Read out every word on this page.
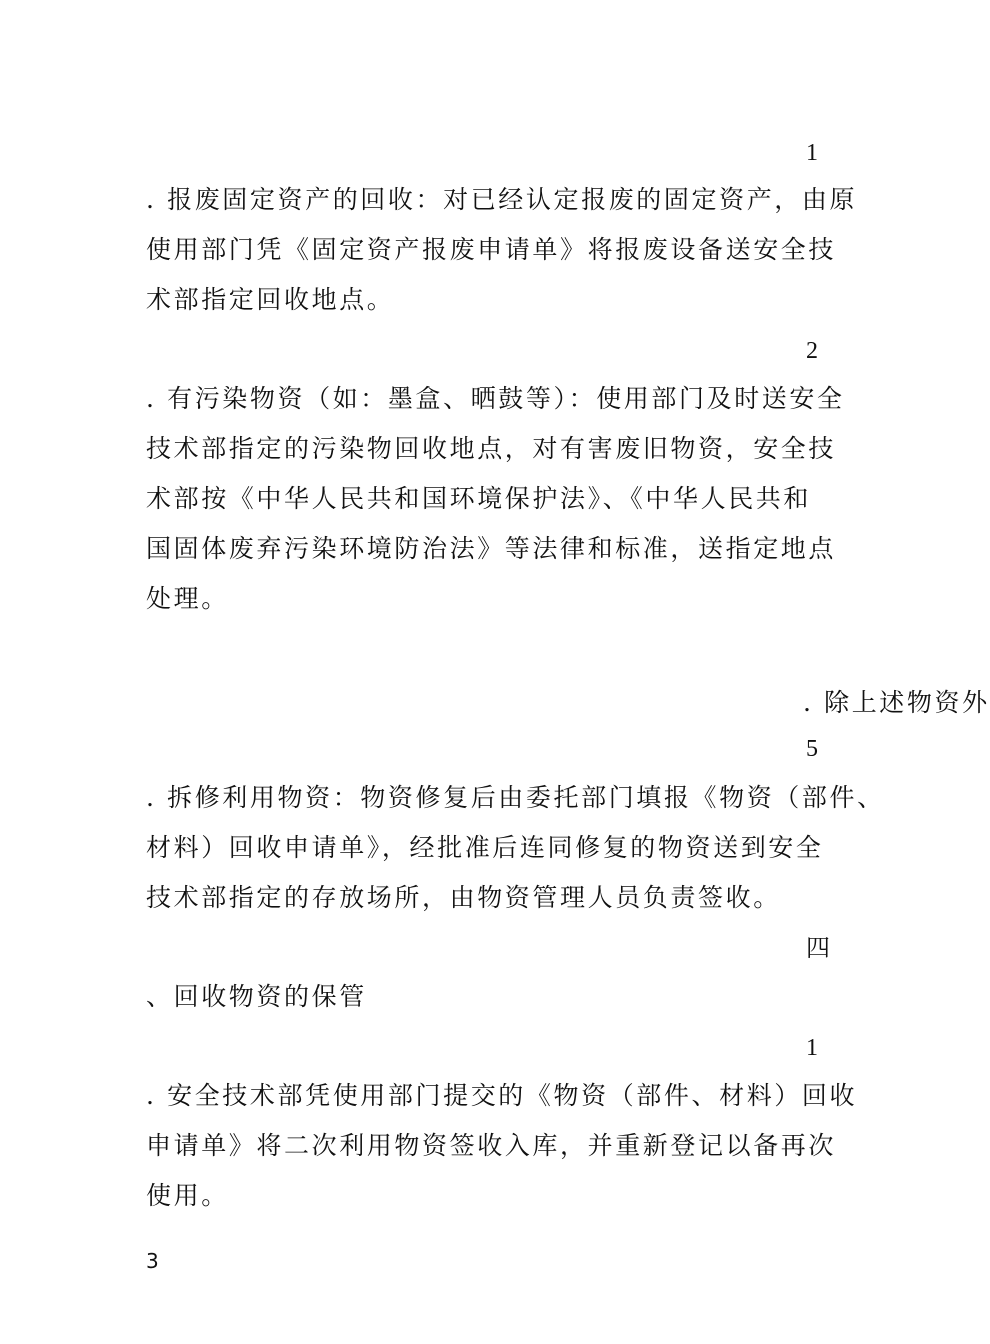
1
. 报废固定资产的回收：对已经认定报废的固定资产，由原
使用部门凭《固定资产报废申请单》将报废设备送安全技
术部指定回收地点。
2
. 有污染物资（如：墨盒、晒鼓等）：使用部门及时送安全
技术部指定的污染物回收地点，对有害废旧物资，安全技
术部按《中华人民共和国环境保护法》、《中华人民共和
国固体废弃污染环境防治法》等法律和标准，送指定地点
处理。
. 除上述物资外
5
. 拆修利用物资：物资修复后由委托部门填报《物资（部件、
材料）回收申请单》，经批准后连同修复的物资送到安全
技术部指定的存放场所，由物资管理人员负责签收。
四
、回收物资的保管
1
. 安全技术部凭使用部门提交的《物资（部件、材料）回收
申请单》将二次利用物资签收入库，并重新登记以备再次
使用。
3
